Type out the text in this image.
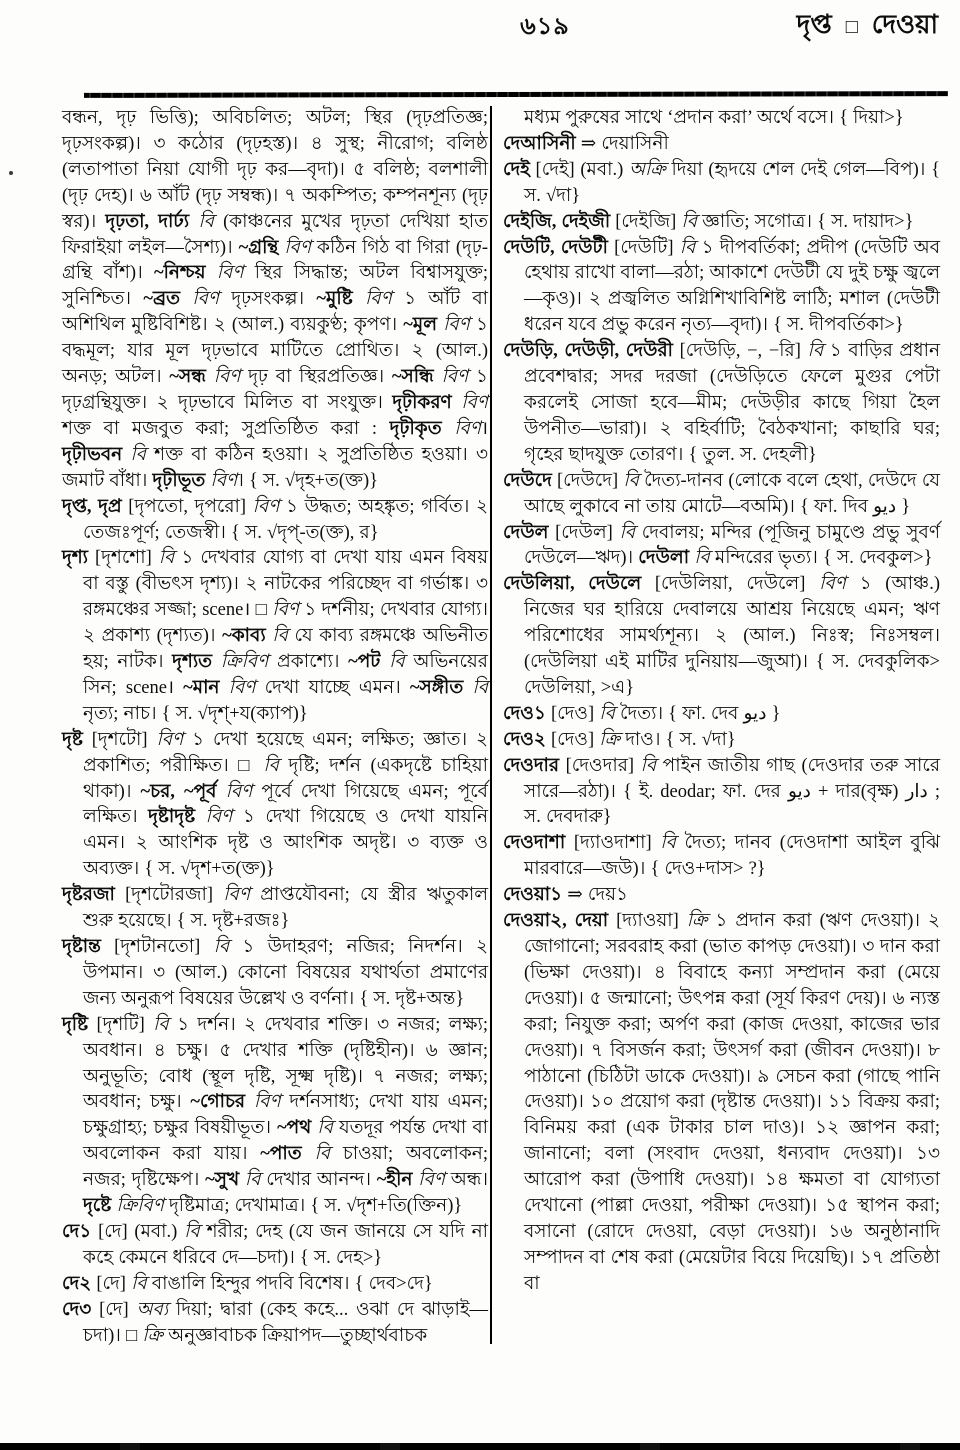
৬১৯	দৃপ্ত □ দেওয়া

বন্ধন, দৃঢ় ভিত্তি); অবিচলিত; অটল; স্থির (দৃঢ়প্রতিজ্ঞ; দৃঢ়সংকল্প)। ৩ কঠোর (দৃঢ়হস্ত)। ৪ সুস্থ; নীরোগ; বলিষ্ঠ (লতাপাতা নিয়া যোগী দৃঢ় কর—বৃদা)। ৫ বলিষ্ঠ; বলশালী (দৃঢ় দেহ)। ৬ আঁট (দৃঢ় সম্বন্ধ)। ৭ অকম্পিত; কম্পনশূন্য (দৃঢ় স্বর)। দৃঢ়তা, দার্ঢ্য বি (কাঞ্চনের মুখের দৃঢ়তা দেখিয়া হাত ফিরাইয়া লইল—সৈশ্য)। ~গ্রন্থি বিণ কঠিন গিঠ বা গিরা (দৃঢ়-গ্রন্থি বাঁশ)। ~নিশ্চয় বিণ স্থির সিদ্ধান্ত; অটল বিশ্বাসযুক্ত; সুনিশ্চিত। ~ব্রত বিণ দৃঢ়সংকল্প। ~মুষ্টি বিণ ১ আঁট বা অশিথিল মুষ্টিবিশিষ্ট। ২ (আল.) ব্যয়কুণ্ঠ; কৃপণ। ~মূল বিণ ১ বদ্ধমূল; যার মূল দৃঢ়ভাবে মাটিতে প্রোথিত। ২ (আল.) অনড়; অটল। ~সন্ধ বিণ দৃঢ় বা স্থিরপ্রতিজ্ঞ। ~সন্ধি বিণ ১ দৃঢ়গ্রন্থিযুক্ত। ২ দৃঢ়ভাবে মিলিত বা সংযুক্ত। দৃঢ়ীকরণ বিণ শক্ত বা মজবুত করা; সুপ্রতিষ্ঠিত করা : দৃঢ়ীকৃত বিণ। দৃঢ়ীভবন বি শক্ত বা কঠিন হওয়া। ২ সুপ্রতিষ্ঠিত হওয়া। ৩ জমাট বাঁধা। দৃঢ়ীভূত বিণ। { স. √দৃহ+ত(ক্ত)}

দৃপ্ত, দৃপ্র [দৃপতো, দৃপরো] বিণ ১ উদ্ধত; অহঙ্কৃত; গর্বিত। ২ তেজঃপূর্ণ; তেজস্বী। { স. √দৃপ্-ত(ক্ত), র}

দৃশ্য [দৃশশো] বি ১ দেখবার যোগ্য বা দেখা যায় এমন বিষয় বা বস্তু (বীভৎস দৃশ্য)। ২ নাটকের পরিচ্ছেদ বা গর্ভাঙ্ক। ৩ রঙ্গমঞ্চের সজ্জা; scene। □ বিণ ১ দর্শনীয়; দেখবার যোগ্য। ২ প্রকাশ্য (দৃশ্যত)। ~কাব্য বি যে কাব্য রঙ্গমঞ্চে অভিনীত হয়; নাটক। দৃশ্যত ক্রিবিণ প্রকাশ্যে। ~পট বি অভিনয়ের সিন; scene। ~মান বিণ দেখা যাচ্ছে এমন। ~সঙ্গীত বি নৃত্য; নাচ। { স. √দৃশ্+য(ক্যাপ)}

দৃষ্ট [দৃশটো] বিণ ১ দেখা হয়েছে এমন; লক্ষিত; জ্ঞাত। ২ প্রকাশিত; পরীক্ষিত। □ বি দৃষ্টি; দর্শন (একদৃষ্টে চাহিয়া থাকা)। ~চর, ~পূর্ব বিণ পূর্বে দেখা গিয়েছে এমন; পূর্বে লক্ষিত। দৃষ্টাদৃষ্ট বিণ ১ দেখা গিয়েছে ও দেখা যায়নি এমন। ২ আংশিক দৃষ্ট ও আংশিক অদৃষ্ট। ৩ ব্যক্ত ও অব্যক্ত। { স. √দৃশ+ত(ক্ত)}

দৃষ্টরজা [দৃশটোরজা] বিণ প্রাপ্তযৌবনা; যে স্ত্রীর ঋতুকাল শুরু হয়েছে। { স. দৃষ্ট+রজঃ}

দৃষ্টান্ত [দৃশটানতো] বি ১ উদাহরণ; নজির; নিদর্শন। ২ উপমান। ৩ (আল.) কোনো বিষয়ের যথার্থতা প্রমাণের জন্য অনুরূপ বিষয়ের উল্লেখ ও বর্ণনা। { স. দৃষ্ট+অন্ত}

দৃষ্টি [দৃশটি] বি ১ দর্শন। ২ দেখবার শক্তি। ৩ নজর; লক্ষ্য; অবধান। ৪ চক্ষু। ৫ দেখার শক্তি (দৃষ্টিহীন)। ৬ জ্ঞান; অনুভূতি; বোধ (স্থূল দৃষ্টি, সূক্ষ্ম দৃষ্টি)। ৭ নজর; লক্ষ্য; অবধান; চক্ষু। ~গোচর বিণ দর্শনসাধ্য; দেখা যায় এমন; চক্ষুগ্রাহ্য; চক্ষুর বিষয়ীভূত। ~পথ বি যতদূর পর্যন্ত দেখা বা অবলোকন করা যায়। ~পাত বি চাওয়া; অবলোকন; নজর; দৃষ্টিক্ষেপ। ~সুখ বি দেখার আনন্দ। ~হীন বিণ অন্ধ। দৃষ্টে ক্রিবিণ দৃষ্টিমাত্র; দেখামাত্র। { স. √দৃশ+তি(ক্তিন)}

দে১ [দে] (মবা.) বি শরীর; দেহ (যে জন জানয়ে সে যদি না কহে কেমনে ধরিবে দে—চদা)। { স. দেহ>}

দে২ [দে] বি বাঙালি হিন্দুর পদবি বিশেষ। { দেব>দে}

দে৩ [দে] অব্য দিয়া; দ্বারা (কেহ কহে... ওঝা দে ঝাড়াই—চদা)। □ ক্রি অনুজ্ঞাবাচক ক্রিয়াপদ—তুচ্ছার্থবাচক

মধ্যম পুরুষের সাথে ‘প্রদান করা’ অর্থে বসে। { দিয়া>}

দেআসিনী ⇒ দেয়াসিনী

দেই [দেই] (মবা.) অক্রি দিয়া (হৃদয়ে শেল দেই গেল—বিপ)। { স. √দা}

দেইজি, দেইজী [দেইজি] বি জ্ঞাতি; সগোত্র। { স. দায়াদ>}

দেউটি, দেউটী [দেউটি] বি ১ দীপবর্তিকা; প্রদীপ (দেউটি অব হেথায় রাখো বালা—রঠা; আকাশে দেউটী যে দুই চক্ষু জ্বলে—কৃও)। ২ প্রজ্বলিত অগ্নিশিখাবিশিষ্ট লাঠি; মশাল (দেউটী ধরেন যবে প্রভু করেন নৃত্য—বৃদা)। { স. দীপবর্তিকা>}

দেউড়ি, দেউড়ী, দেউরী [দেউড়ি, −, −রি] বি ১ বাড়ির প্রধান প্রবেশদ্বার; সদর দরজা (দেউড়িতে ফেলে মুগুর পেটা করলেই সোজা হবে—মীম; দেউড়ীর কাছে গিয়া হৈল উপনীত—ভারা)। ২ বহির্বাটি; বৈঠকখানা; কাছারি ঘর; গৃহের ছাদযুক্ত তোরণ। { তুল. স. দেহলী}

দেউদে [দেউদে] বি দৈত্য-দানব (লোকে বলে হেথা, দেউদে যে আছে লুকাবে না তায় মোটে—বঅমি)। { ফা. দিব ديو }

দেউল [দেউল] বি দেবালয়; মন্দির (পূজিনু চামুণ্ডে প্রভু সুবর্ণ দেউলে—ঋদ)। দেউলা বি মন্দিরের ভৃত্য। { স. দেবকুল>}

দেউলিয়া, দেউলে [দেউলিয়া, দেউলে] বিণ ১ (আঞ্চ.) নিজের ঘর হারিয়ে দেবালয়ে আশ্রয় নিয়েছে এমন; ঋণ পরিশোধের সামর্থ্যশূন্য। ২ (আল.) নিঃস্ব; নিঃসম্বল। (দেউলিয়া এই মাটির দুনিয়ায়—জুআ)। { স. দেবকুলিক> দেউলিয়া, >এ}

দেও১ [দেও] বি দৈত্য। { ফা. দেব ديو }

দেও২ [দেও] ক্রি দাও। { স. √দা}

দেওদার [দেওদার] বি পাইন জাতীয় গাছ (দেওদার তরু সারে সারে—রঠা)। { ই. deodar; ফা. দের ديو + দার(বৃক্ষ) دار ; স. দেবদারু}

দেওদাশা [দ্যাওদাশা] বি দৈত্য; দানব (দেওদাশা আইল বুঝি মারবারে—জউ)। { দেও+দাস> ?}

দেওয়া১ ⇒ দেয়১

দেওয়া২, দেয়া [দ্যাওয়া] ক্রি ১ প্রদান করা (ঋণ দেওয়া)। ২ জোগানো; সরবরাহ করা (ভাত কাপড় দেওয়া)। ৩ দান করা (ভিক্ষা দেওয়া)। ৪ বিবাহে কন্যা সম্প্রদান করা (মেয়ে দেওয়া)। ৫ জন্মানো; উৎপন্ন করা (সূর্য কিরণ দেয়)। ৬ ন্যস্ত করা; নিযুক্ত করা; অর্পণ করা (কাজ দেওয়া, কাজের ভার দেওয়া)। ৭ বিসর্জন করা; উৎসর্গ করা (জীবন দেওয়া)। ৮ পাঠানো (চিঠিটা ডাকে দেওয়া)। ৯ সেচন করা (গাছে পানি দেওয়া)। ১০ প্রয়োগ করা (দৃষ্টান্ত দেওয়া)। ১১ বিক্রয় করা; বিনিময় করা (এক টাকার চাল দাও)। ১২ জ্ঞাপন করা; জানানো; বলা (সংবাদ দেওয়া, ধন্যবাদ দেওয়া)। ১৩ আরোপ করা (উপাধি দেওয়া)। ১৪ ক্ষমতা বা যোগ্যতা দেখানো (পাল্লা দেওয়া, পরীক্ষা দেওয়া)। ১৫ স্থাপন করা; বসানো (রোদে দেওয়া, বেড়া দেওয়া)। ১৬ অনুষ্ঠানাদি সম্পাদন বা শেষ করা (মেয়েটার বিয়ে দিয়েছি)। ১৭ প্রতিষ্ঠা বা
